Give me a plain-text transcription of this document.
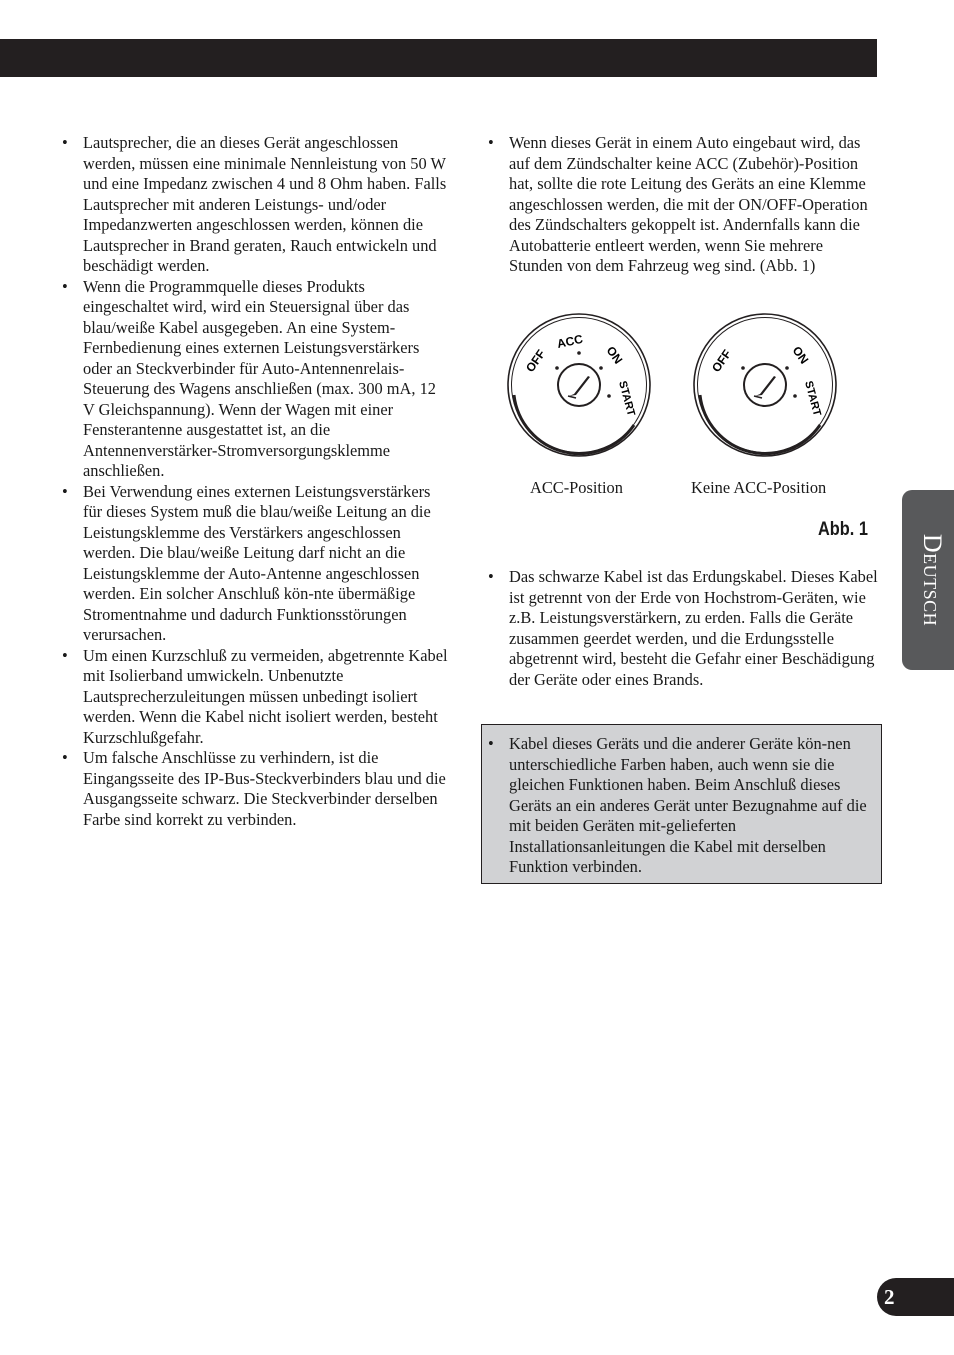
• Lautsprecher, die an dieses Gerät angeschlossen werden, müssen eine minimale Nennleistung von 50 W und eine Impedanz zwischen 4 und 8 Ohm haben. Falls Lautsprecher mit anderen Leistungs- und/oder Impedanzwerten angeschlossen werden, können die Lautsprecher in Brand geraten, Rauch entwickeln und beschädigt werden.
• Wenn die Programmquelle dieses Produkts eingeschaltet wird, wird ein Steuersignal über das blau/weiße Kabel ausgegeben. An eine System-Fernbedienung eines externen Leistungsverstärkers oder an Steckverbinder für Auto-Antennenrelais-Steuerung des Wagens anschließen (max. 300 mA, 12 V Gleichspannung). Wenn der Wagen mit einer Fensterantenne ausgestattet ist, an die Antennenverstärker-Stromversorgungsklemme anschließen.
• Bei Verwendung eines externen Leistungsverstärkers für dieses System muß die blau/weiße Leitung an die Leistungsklemme des Verstärkers angeschlossen werden. Die blau/weiße Leitung darf nicht an die Leistungsklemme der Auto-Antenne angeschlossen werden. Ein solcher Anschluß kön-nte übermäßige Stromentnahme und dadurch Funktionsstörungen verursachen.
• Um einen Kurzschluß zu vermeiden, abgetrennte Kabel mit Isolierband umwickeln. Unbenutzte Lautsprecherzuleitungen müssen unbedingt isoliert werden. Wenn die Kabel nicht isoliert werden, besteht Kurzschlußgefahr.
• Um falsche Anschlüsse zu verhindern, ist die Eingangsseite des IP-Bus-Steckverbinders blau und die Ausgangsseite schwarz. Die Steckverbinder derselben Farbe sind korrekt zu verbinden.
• Wenn dieses Gerät in einem Auto eingebaut wird, das auf dem Zündschalter keine ACC (Zubehör)-Position hat, sollte die rote Leitung des Geräts an eine Klemme angeschlossen werden, die mit der ON/OFF-Operation des Zündschalters gekoppelt ist. Andernfalls kann die Autobatterie entleert werden, wenn Sie mehrere Stunden von dem Fahrzeug weg sind. (Abb. 1)
OFF
ACC
ON
START
OFF	ON
START
ACC-Position	Keine ACC-Position
Abb. 1
• Das schwarze Kabel ist das Erdungskabel. Dieses Kabel ist getrennt von der Erde von Hochstrom-Geräten, wie z.B. Leistungsverstärkern, zu erden. Falls die Geräte zusammen geerdet werden, und die Erdungsstelle abgetrennt wird, besteht die Gefahr einer Beschädigung der Geräte oder eines Brands.
• Kabel dieses Geräts und die anderer Geräte kön-nen unterschiedliche Farben haben, auch wenn sie die gleichen Funktionen haben. Beim Anschluß dieses Geräts an ein anderes Gerät unter Bezugnahme auf die mit beiden Geräten mit-gelieferten Installationsanleitungen die Kabel mit derselben Funktion verbinden.
Deutsch
2
